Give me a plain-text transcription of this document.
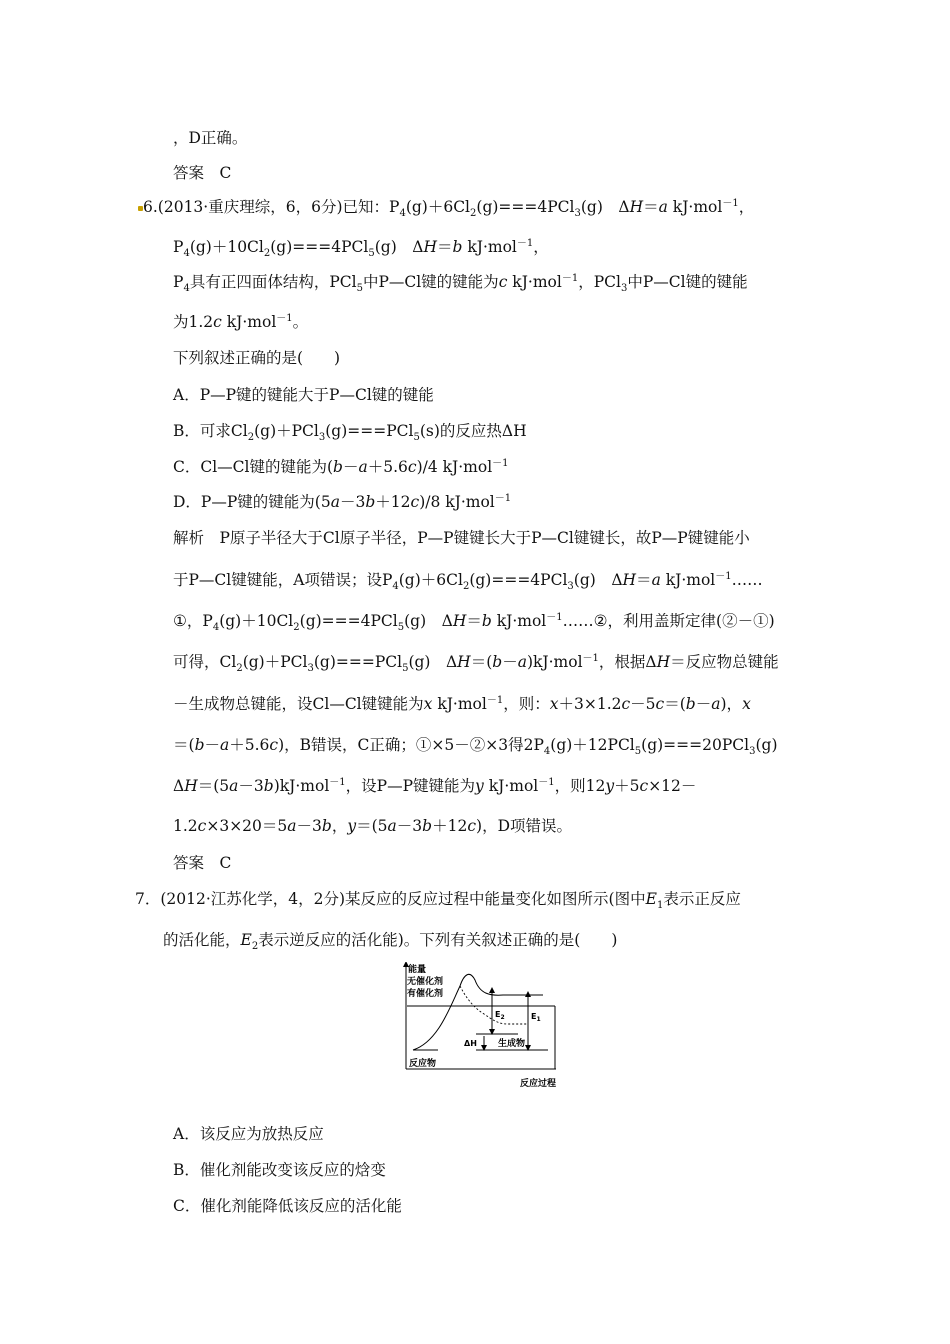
，D正确。
答案　C
6.(2013·重庆理综，6，6分)已知：$P_4(g)+6Cl_2(g)===4PCl_3(g)$　ΔH＝a kJ·mol$^{-1}$，
$P_4(g)+10Cl_2(g)===4PCl_5(g)$　ΔH＝b kJ·mol$^{-1}$，
$P_4$具有正四面体结构，PCl$_5$中P—Cl键的键能为c kJ·mol$^{-1}$，PCl$_3$中P—Cl键的键能
为1.2c kJ·mol$^{-1}$。
下列叙述正确的是(　　)
A．P—P键的键能大于P—Cl键的键能
B．可求$Cl_2(g)+PCl_3(g)===PCl_5(s)$的反应热ΔH
C．Cl—Cl键的键能为(b－a＋5.6c)/4 kJ·mol$^{-1}$
D．P—P键的键能为(5a－3b＋12c)/8 kJ·mol$^{-1}$
解析　P原子半径大于Cl原子半径，P—P键键长大于P—Cl键键长，故P—P键键能小
于P—Cl键键能，A项错误；设$P_4(g)+6Cl_2(g)===4PCl_3(g)$　ΔH＝a kJ·mol$^{-1}$……
①，$P_4(g)+10Cl_2(g)===4PCl_5(g)$　ΔH＝b kJ·mol$^{-1}$……②，利用盖斯定律(②－①)
可得，$Cl_2(g)+PCl_3(g)===PCl_5(g)$　ΔH＝(b－a)kJ·mol$^{-1}$，根据ΔH＝反应物总键能
－生成物总键能，设Cl—Cl键键能为x kJ·mol$^{-1}$，则：x＋3×1.2c－5c＝(b－a)，x
＝(b－a＋5.6c)，B错误，C正确；①×5－②×3得$2P_4(g)+12PCl_5(g)===20PCl_3(g)$
ΔH＝(5a－3b)kJ·mol$^{-1}$，设P—P键键能为y kJ·mol$^{-1}$，则12y＋5c×12－
1.2c×3×20＝5a－3b，y＝(5a－3b＋12c)，D项错误。
答案　C
7．(2012·江苏化学，4，2分)某反应的反应过程中能量变化如图所示(图中$E_1$表示正反应
的活化能，$E_2$表示逆反应的活化能)。下列有关叙述正确的是(　　)
能量
无催化剂
有催化剂
$E_2$	$E_1$
ΔH 生成物
反应物
反应过程
A．该反应为放热反应
B．催化剂能改变该反应的焓变
C．催化剂能降低该反应的活化能
